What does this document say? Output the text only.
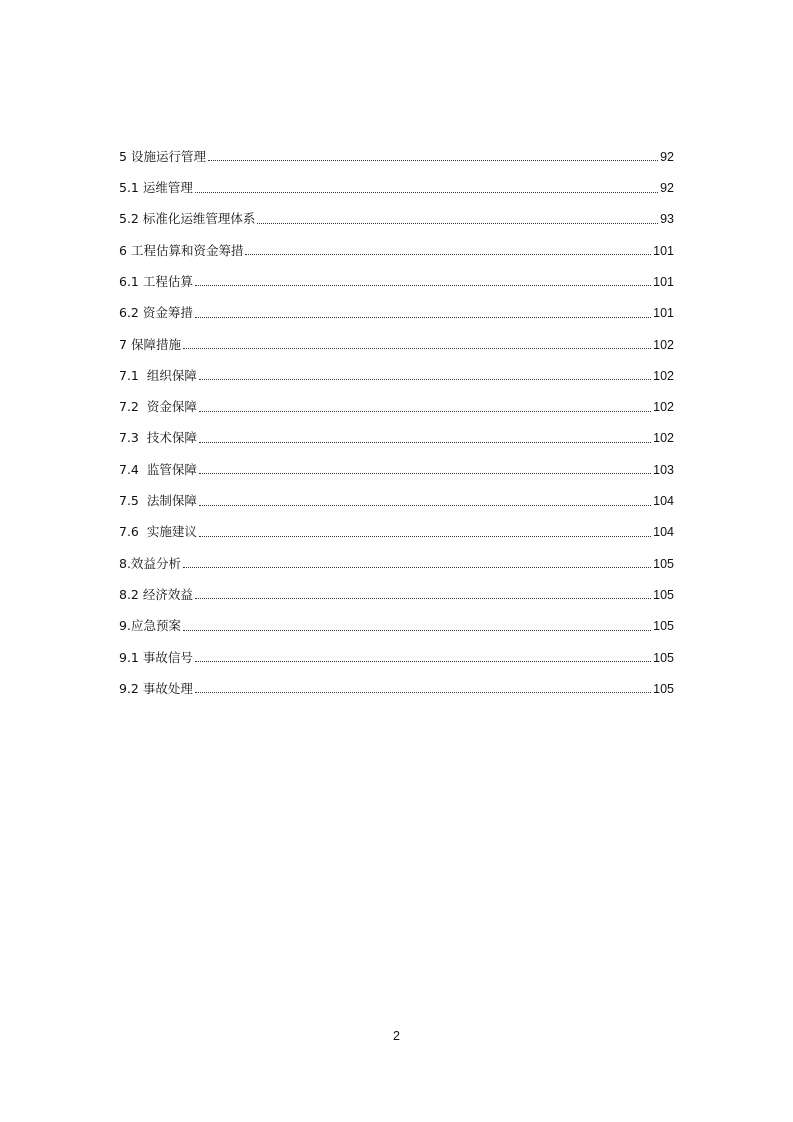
5 设施运行管理	92
5.1 运维管理	92
5.2 标准化运维管理体系	93
6 工程估算和资金筹措	101
6.1 工程估算	101
6.2 资金筹措	101
7 保障措施	102
7.1 组织保障	102
7.2 资金保障	102
7.3 技术保障	102
7.4 监管保障	103
7.5 法制保障	104
7.6 实施建议	104
8.效益分析	105
8.2 经济效益	105
9.应急预案	105
9.1 事故信号	105
9.2 事故处理	105
2
